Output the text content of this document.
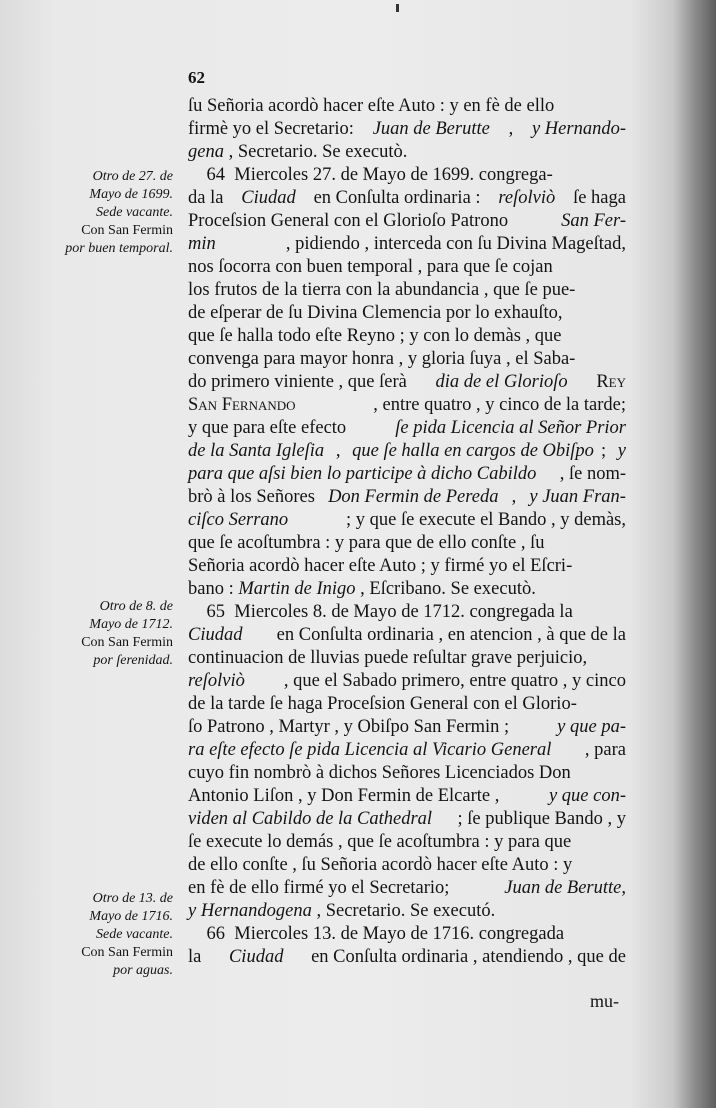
62
ſu Señoria acordò hacer eſte Auto : y en fè de ello
firmè yo el Secretario: Juan de Berutte , y Hernando-
gena , Secretario. Se executò.
64  Miercoles 27. de Mayo de 1699. congrega-
da la Ciudad en Conſulta ordinaria : reſolviò ſe haga
Proceſsion General con el Glorioſo Patrono	San Fer-
min	, pidiendo , interceda con ſu Divina Mageſtad,
nos ſocorra con buen temporal , para que ſe cojan
los frutos de la tierra con la abundancia , que ſe pue-
de eſperar de ſu Divina Clemencia por lo exhauſto,
que ſe halla todo eſte Reyno ; y con lo demàs , que
convenga para mayor honra , y gloria ſuya , el Saba-
do primero viniente , que ſerà dia de el Glorioſo Rey
San Fernando	, entre quatro , y cinco de la tarde;
y que para eſte efecto ſe pida Licencia al Señor Prior
de la Santa Igleſia , que ſe halla en cargos de Obiſpo ; y
para que aſsi bien lo participe à dicho Cabildo , ſe nom-
brò à los Señores Don Fermin de Pereda , y Juan Fran-
ciſco Serrano	; y que ſe execute el Bando , y demàs,
que ſe acoſtumbra : y para que de ello conſte , ſu
Señoria acordò hacer eſte Auto ; y firmé yo el Eſcri-
bano : Martin de Inigo , Eſcribano. Se executò.
65  Miercoles 8. de Mayo de 1712. congregada la
Ciudad en Conſulta ordinaria , en atencion , à que de la
continuacion de lluvias puede reſultar grave perjuicio,
reſolviò , que el Sabado primero, entre quatro , y cinco
de la tarde ſe haga Proceſsion General con el Glorio-
ſo Patrono , Martyr , y Obiſpo San Fermin ; y que pa-
ra eſte efecto ſe pida Licencia al Vicario General , para
cuyo fin nombrò à dichos Señores Licenciados Don
Antonio Liſon , y Don Fermin de Elcarte , y que con-
viden al Cabildo de la Cathedral ; ſe publique Bando , y
ſe execute lo demás , que ſe acoſtumbra : y para que
de ello conſte , ſu Señoria acordò hacer eſte Auto : y
en fè de ello firmé yo el Secretario;	Juan de Berutte,
y Hernandogena , Secretario. Se executó.
66  Miercoles 13. de Mayo de 1716. congregada
la Ciudad en Conſulta ordinaria , atendiendo , que de
Otro de 27. de
Mayo de 1699.
Sede vacante.
Con San Fermin
por buen temporal.
Otro de 8. de
Mayo de 1712.
Con San Fermin
por ſerenidad.
Otro de 13. de
Mayo de 1716.
Sede vacante.
Con San Fermin
por aguas.
mu-
